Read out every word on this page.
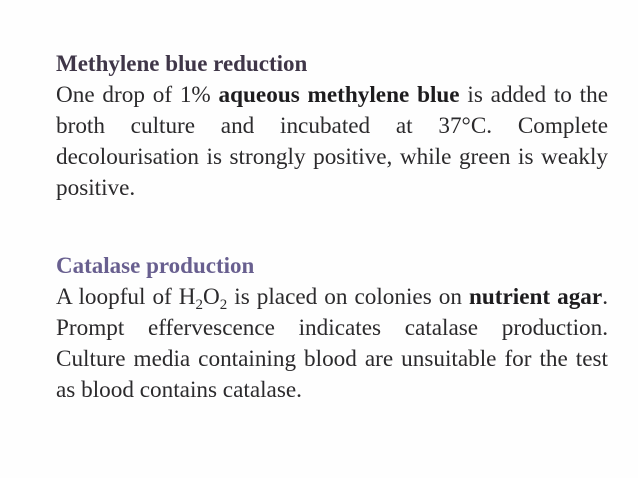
Methylene blue reduction

One drop of 1% aqueous methylene blue is added to the broth culture and incubated at 37°C. Complete decolourisation is strongly positive, while green is weakly positive.

Catalase production

A loopful of $H_2O_2$ is placed on colonies on nutrient agar. Prompt effervescence indicates catalase production. Culture media containing blood are unsuitable for the test as blood contains catalase.
